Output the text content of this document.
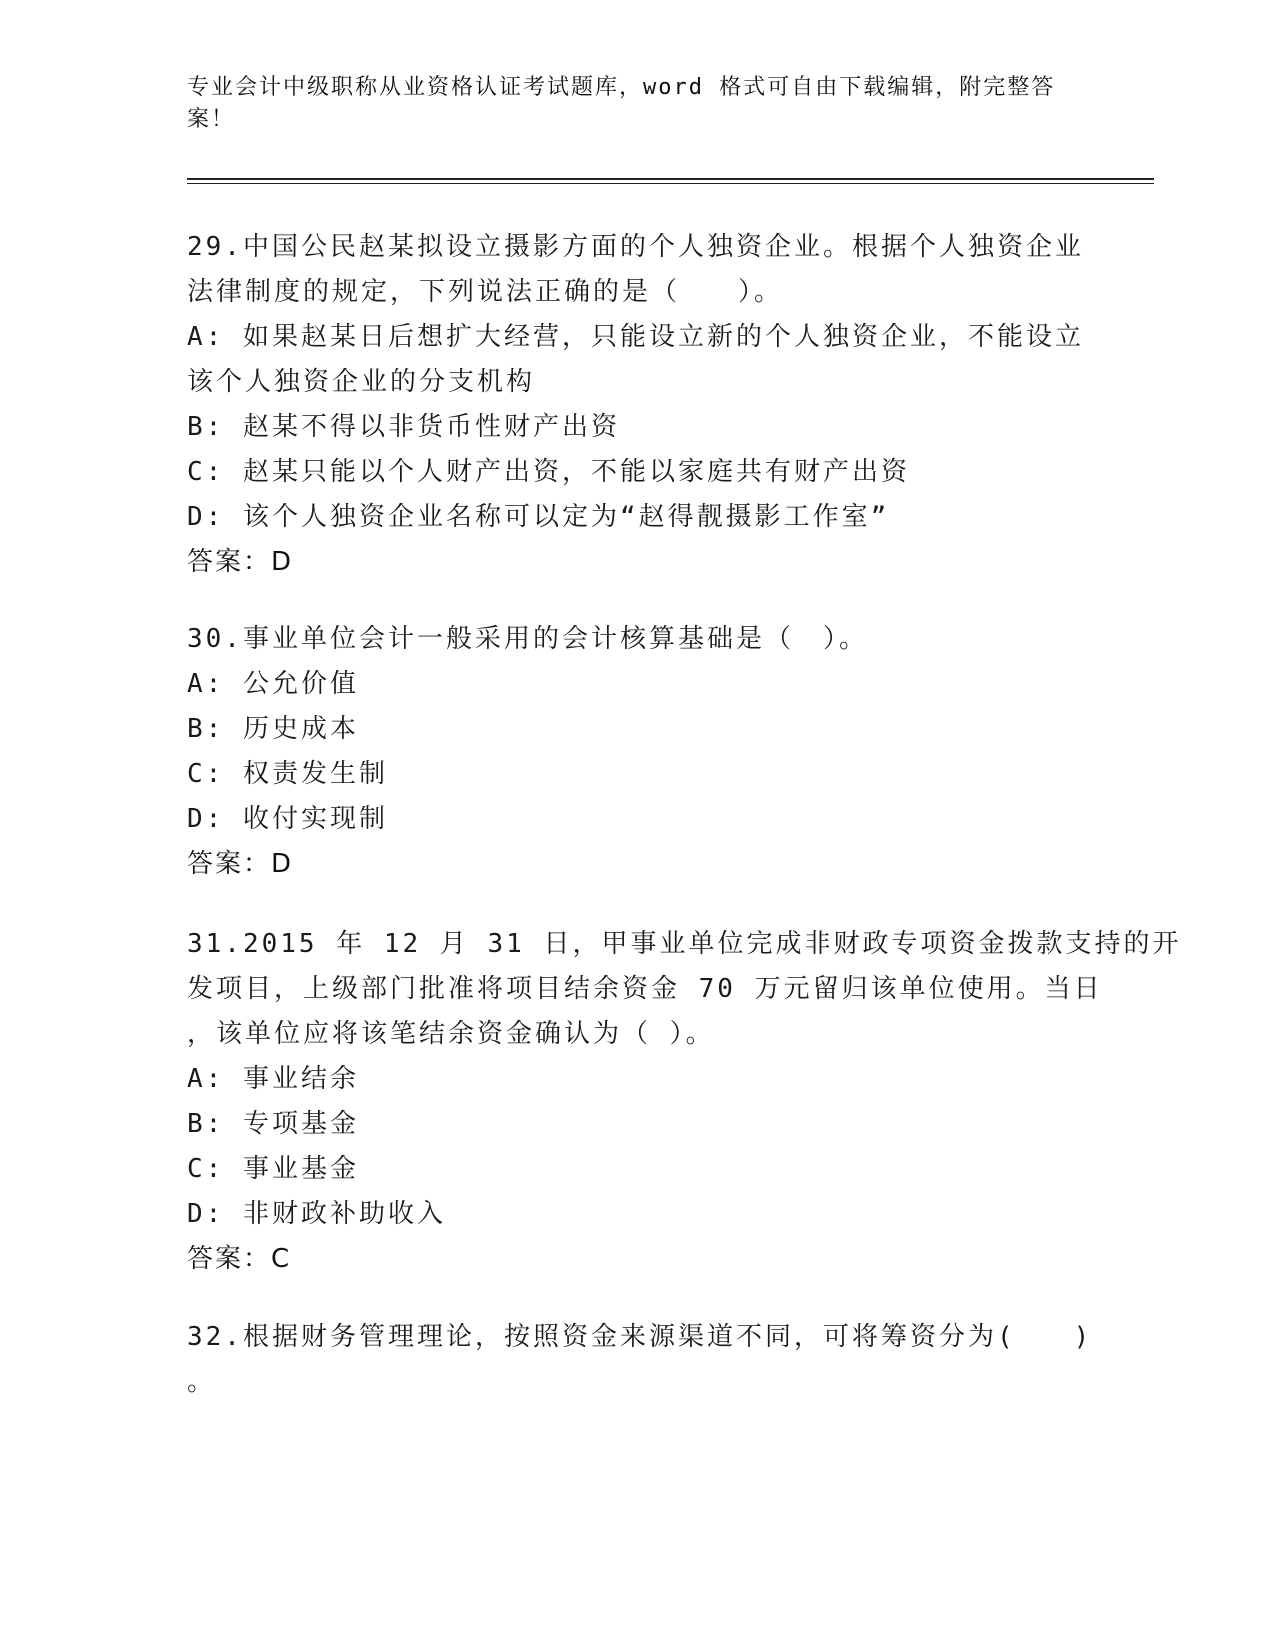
专业会计中级职称从业资格认证考试题库，word 格式可自由下载编辑，附完整答
案！
29.中国公民赵某拟设立摄影方面的个人独资企业。根据个人独资企业
法律制度的规定，下列说法正确的是（　　）。
A: 如果赵某日后想扩大经营，只能设立新的个人独资企业，不能设立
该个人独资企业的分支机构
B: 赵某不得以非货币性财产出资
C: 赵某只能以个人财产出资，不能以家庭共有财产出资
D: 该个人独资企业名称可以定为“赵得靓摄影工作室”
答案：D
30.事业单位会计一般采用的会计核算基础是（　）。
A: 公允价值
B: 历史成本
C: 权责发生制
D: 收付实现制
答案：D
31.2015 年 12 月 31 日，甲事业单位完成非财政专项资金拨款支持的开
发项目，上级部门批准将项目结余资金 70 万元留归该单位使用。当日
，该单位应将该笔结余资金确认为（ ）。
A: 事业结余
B: 专项基金
C: 事业基金
D: 非财政补助收入
答案：C
32.根据财务管理理论，按照资金来源渠道不同，可将筹资分为(　　)
。
